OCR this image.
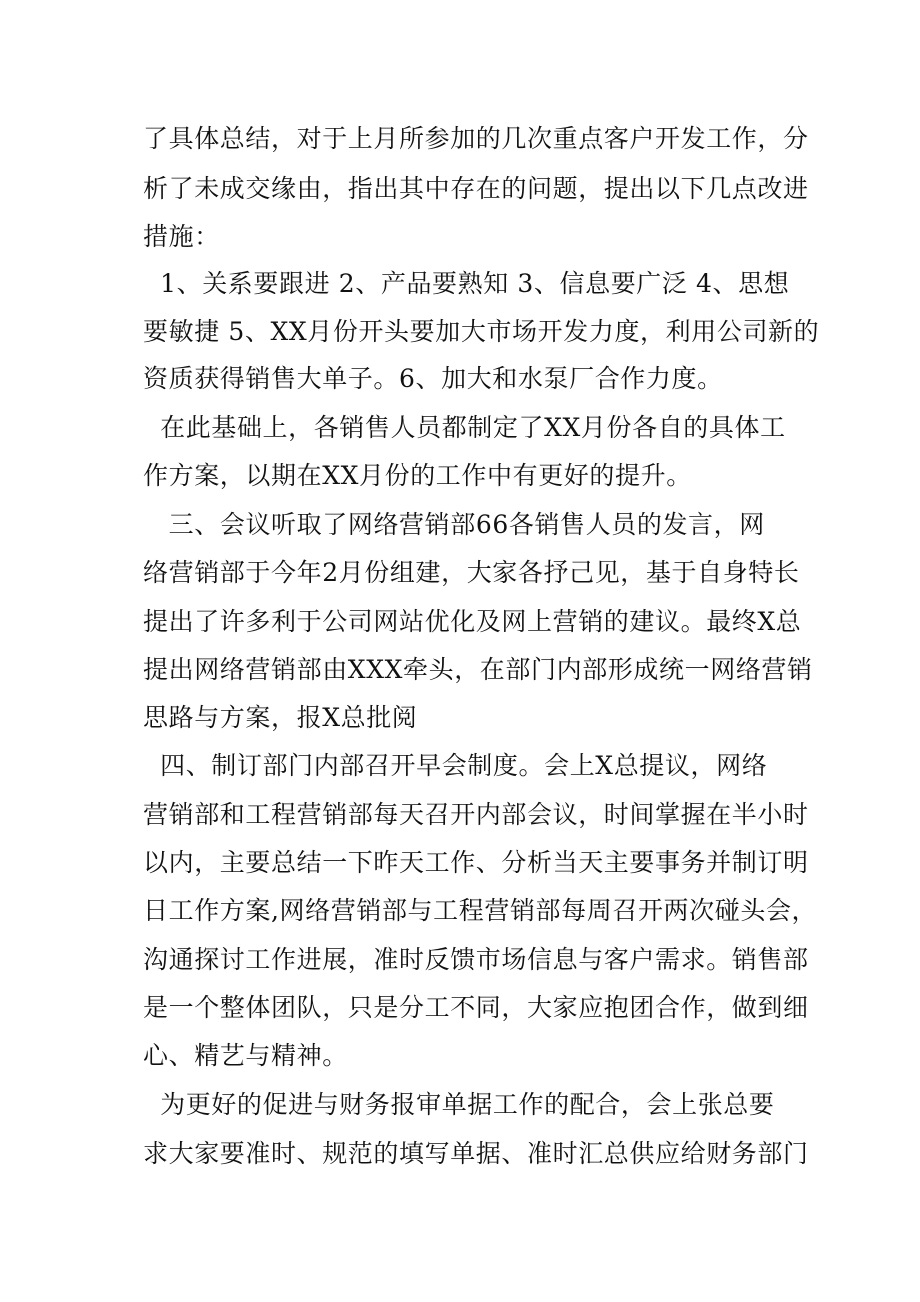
了具体总结，对于上月所参加的几次重点客户开发工作，分
析了未成交缘由，指出其中存在的问题，提出以下几点改进
措施：
1、关系要跟进 2、产品要熟知 3、信息要广泛 4、思想
要敏捷 5、XX月份开头要加大市场开发力度，利用公司新的
资质获得销售大单子。6、加大和水泵厂合作力度。
在此基础上，各销售人员都制定了XX月份各自的具体工
作方案，以期在XX月份的工作中有更好的提升。
三、会议听取了网络营销部66各销售人员的发言，网
络营销部于今年2月份组建，大家各抒己见，基于自身特长
提出了许多利于公司网站优化及网上营销的建议。最终X总
提出网络营销部由XXX牵头，在部门内部形成统一网络营销
思路与方案，报X总批阅
四、制订部门内部召开早会制度。会上X总提议，网络
营销部和工程营销部每天召开内部会议，时间掌握在半小时
以内，主要总结一下昨天工作、分析当天主要事务并制订明
日工作方案,网络营销部与工程营销部每周召开两次碰头会，
沟通探讨工作进展，准时反馈市场信息与客户需求。销售部
是一个整体团队，只是分工不同，大家应抱团合作，做到细
心、精艺与精神。
为更好的促进与财务报审单据工作的配合，会上张总要
求大家要准时、规范的填写单据、准时汇总供应给财务部门
